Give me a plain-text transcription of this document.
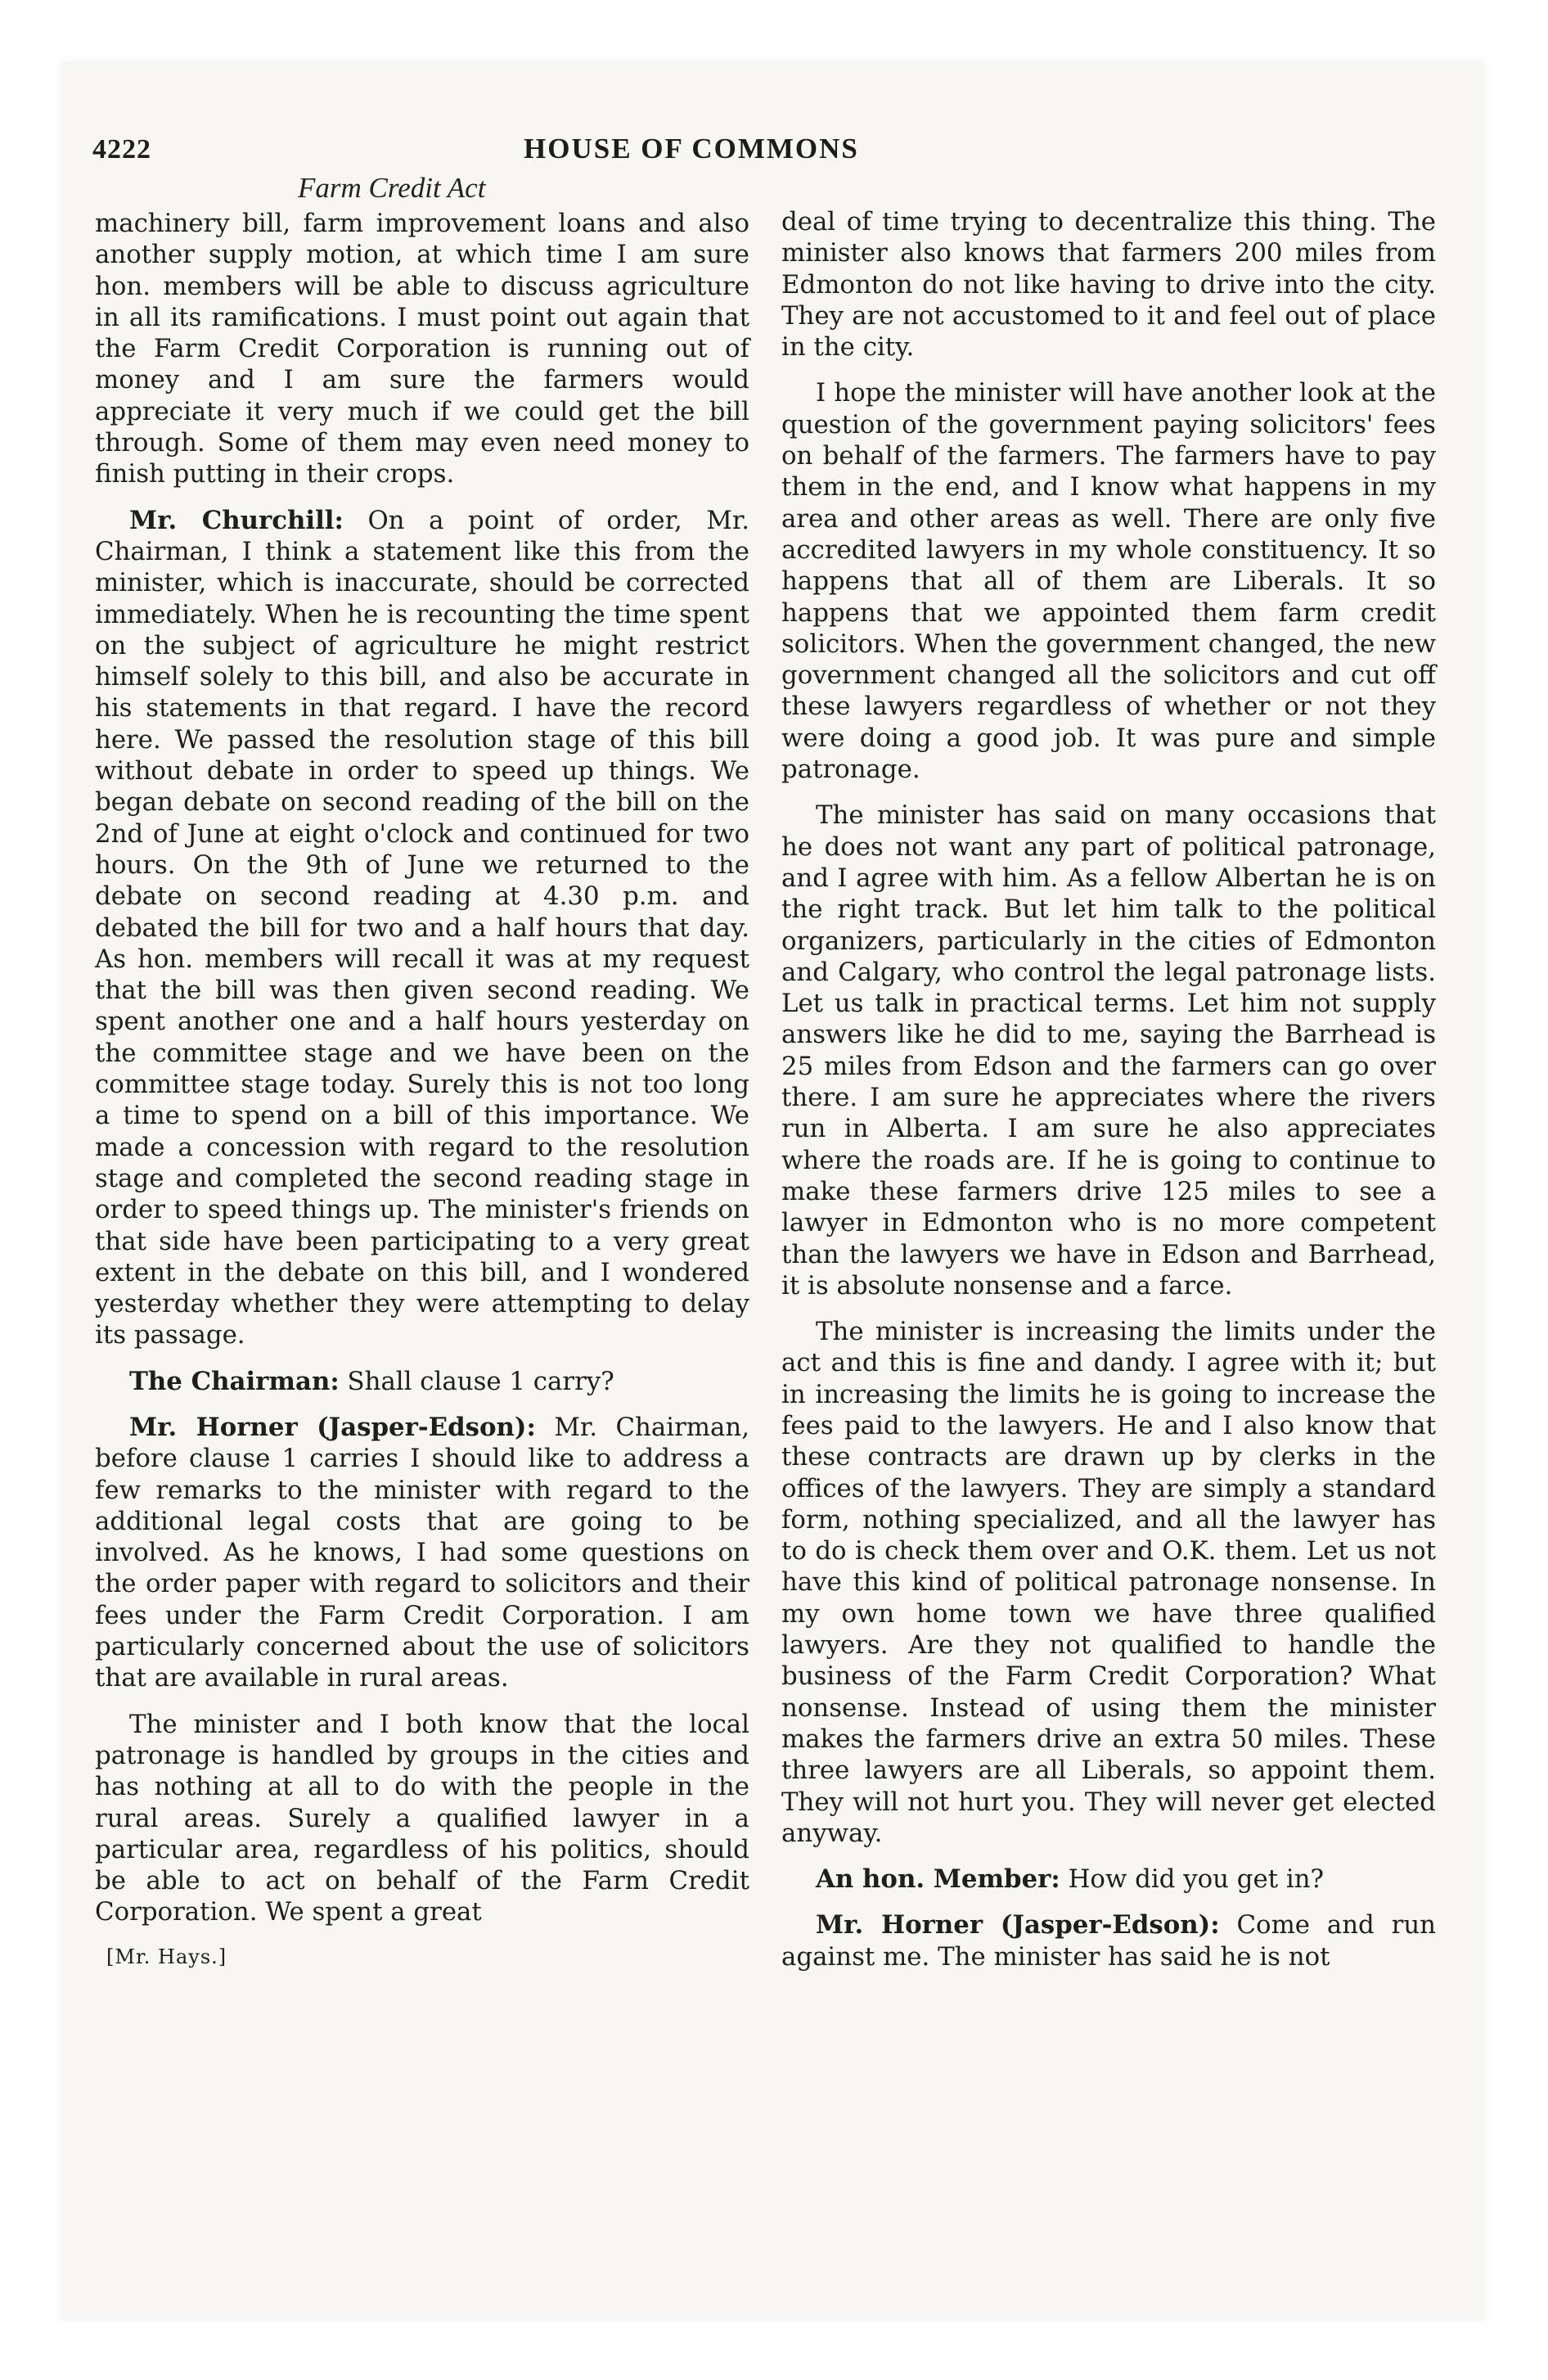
4222	HOUSE OF COMMONS
Farm Credit Act

machinery bill, farm improvement loans and also another supply motion, at which time I am sure hon. members will be able to discuss agriculture in all its ramifications. I must point out again that the Farm Credit Corporation is running out of money and I am sure the farmers would appreciate it very much if we could get the bill through. Some of them may even need money to finish putting in their crops.

Mr. Churchill: On a point of order, Mr. Chairman, I think a statement like this from the minister, which is inaccurate, should be corrected immediately. When he is recounting the time spent on the subject of agriculture he might restrict himself solely to this bill, and also be accurate in his statements in that regard. I have the record here. We passed the resolution stage of this bill without debate in order to speed up things. We began debate on second reading of the bill on the 2nd of June at eight o'clock and continued for two hours. On the 9th of June we returned to the debate on second reading at 4.30 p.m. and debated the bill for two and a half hours that day. As hon. members will recall it was at my request that the bill was then given second reading. We spent another one and a half hours yesterday on the committee stage and we have been on the committee stage today. Surely this is not too long a time to spend on a bill of this importance. We made a concession with regard to the resolution stage and completed the second reading stage in order to speed things up. The minister's friends on that side have been participating to a very great extent in the debate on this bill, and I wondered yesterday whether they were attempting to delay its passage.

The Chairman: Shall clause 1 carry?

Mr. Horner (Jasper-Edson): Mr. Chairman, before clause 1 carries I should like to address a few remarks to the minister with regard to the additional legal costs that are going to be involved. As he knows, I had some questions on the order paper with regard to solicitors and their fees under the Farm Credit Corporation. I am particularly concerned about the use of solicitors that are available in rural areas.

The minister and I both know that the local patronage is handled by groups in the cities and has nothing at all to do with the people in the rural areas. Surely a qualified lawyer in a particular area, regardless of his politics, should be able to act on behalf of the Farm Credit Corporation. We spent a great

[Mr. Hays.]

deal of time trying to decentralize this thing. The minister also knows that farmers 200 miles from Edmonton do not like having to drive into the city. They are not accustomed to it and feel out of place in the city.

I hope the minister will have another look at the question of the government paying solicitors' fees on behalf of the farmers. The farmers have to pay them in the end, and I know what happens in my area and other areas as well. There are only five accredited lawyers in my whole constituency. It so happens that all of them are Liberals. It so happens that we appointed them farm credit solicitors. When the government changed, the new government changed all the solicitors and cut off these lawyers regardless of whether or not they were doing a good job. It was pure and simple patronage.

The minister has said on many occasions that he does not want any part of political patronage, and I agree with him. As a fellow Albertan he is on the right track. But let him talk to the political organizers, particularly in the cities of Edmonton and Calgary, who control the legal patronage lists. Let us talk in practical terms. Let him not supply answers like he did to me, saying the Barrhead is 25 miles from Edson and the farmers can go over there. I am sure he appreciates where the rivers run in Alberta. I am sure he also appreciates where the roads are. If he is going to continue to make these farmers drive 125 miles to see a lawyer in Edmonton who is no more competent than the lawyers we have in Edson and Barrhead, it is absolute nonsense and a farce.

The minister is increasing the limits under the act and this is fine and dandy. I agree with it; but in increasing the limits he is going to increase the fees paid to the lawyers. He and I also know that these contracts are drawn up by clerks in the offices of the lawyers. They are simply a standard form, nothing specialized, and all the lawyer has to do is check them over and O.K. them. Let us not have this kind of political patronage nonsense. In my own home town we have three qualified lawyers. Are they not qualified to handle the business of the Farm Credit Corporation? What nonsense. Instead of using them the minister makes the farmers drive an extra 50 miles. These three lawyers are all Liberals, so appoint them. They will not hurt you. They will never get elected anyway.

An hon. Member: How did you get in?

Mr. Horner (Jasper-Edson): Come and run against me. The minister has said he is not
